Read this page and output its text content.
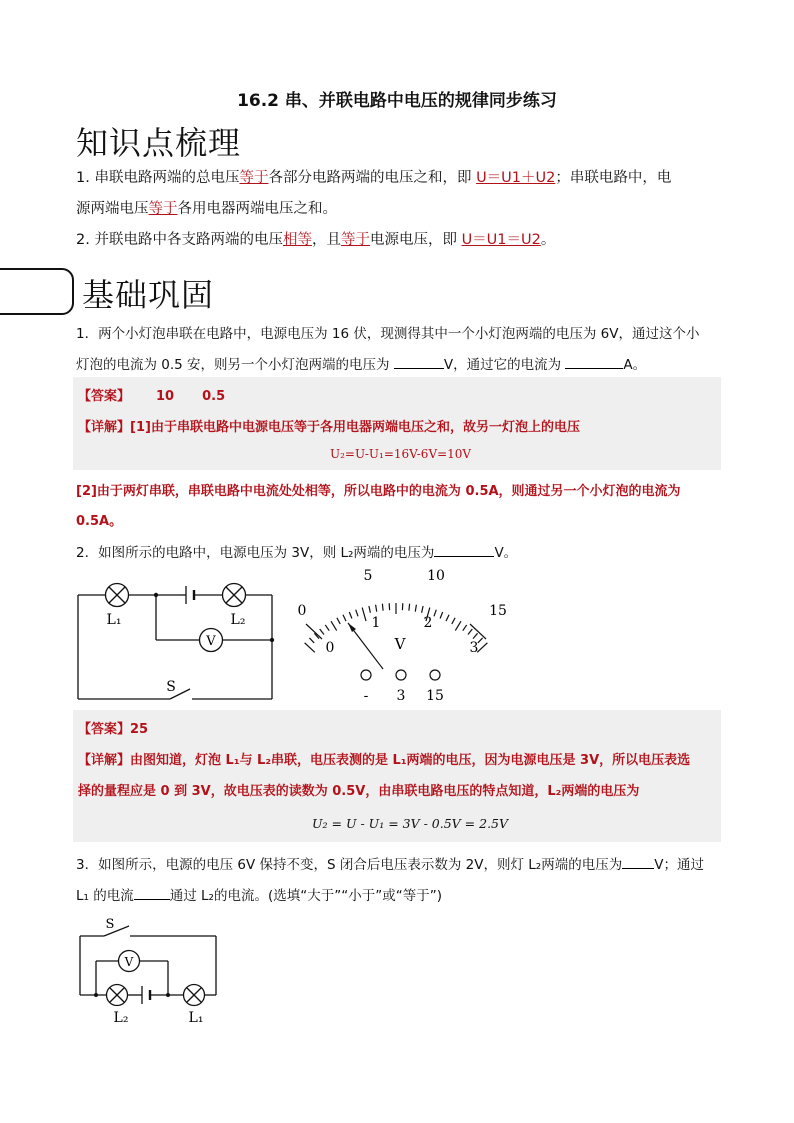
16.2 串、并联电路中电压的规律同步练习
知识点梳理
1. 串联电路两端的总电压等于各部分电路两端的电压之和，即 U＝U1＋U2；串联电路中，电
源两端电压等于各用电器两端电压之和。
2. 并联电路中各支路两端的电压相等，且等于电源电压，即 U＝U1＝U2。
基础巩固
1．两个小灯泡串联在电路中，电源电压为 16 伏，现测得其中一个小灯泡两端的电压为 6V，通过这个小
灯泡的电流为 0.5 安，则另一个小灯泡两端的电压为	V，通过它的电流为	A。
【答案】 10 0.5
【详解】[1]由于串联电路中电源电压等于各用电器两端电压之和，故另一灯泡上的电压
U₂=U-U₁=16V-6V=10V
[2]由于两灯串联，串联电路中电流处处相等，所以电路中的电流为 0.5A，则通过另一个小灯泡的电流为
0.5A。
2．如图所示的电路中，电源电压为 3V，则 L₂两端的电压为	V。
V
L₁	L₂
S
0
5	10
15
0
1	2
3
V
- 3 15
【答案】25
【详解】由图知道，灯泡 L₁与 L₂串联，电压表测的是 L₁两端的电压，因为电源电压是 3V，所以电压表选
择的量程应是 0 到 3V，故电压表的读数为 0.5V，由串联电路电压的特点知道，L₂两端的电压为
U₂ = U - U₁ = 3V - 0.5V = 2.5V
3．如图所示，电源的电压 6V 保持不变，S 闭合后电压表示数为 2V，则灯 L₂两端的电压为 V；通过
L₁ 的电流	通过 L₂的电流。(选填“大于”“小于”或“等于”)
S
V
L₂	L₁
